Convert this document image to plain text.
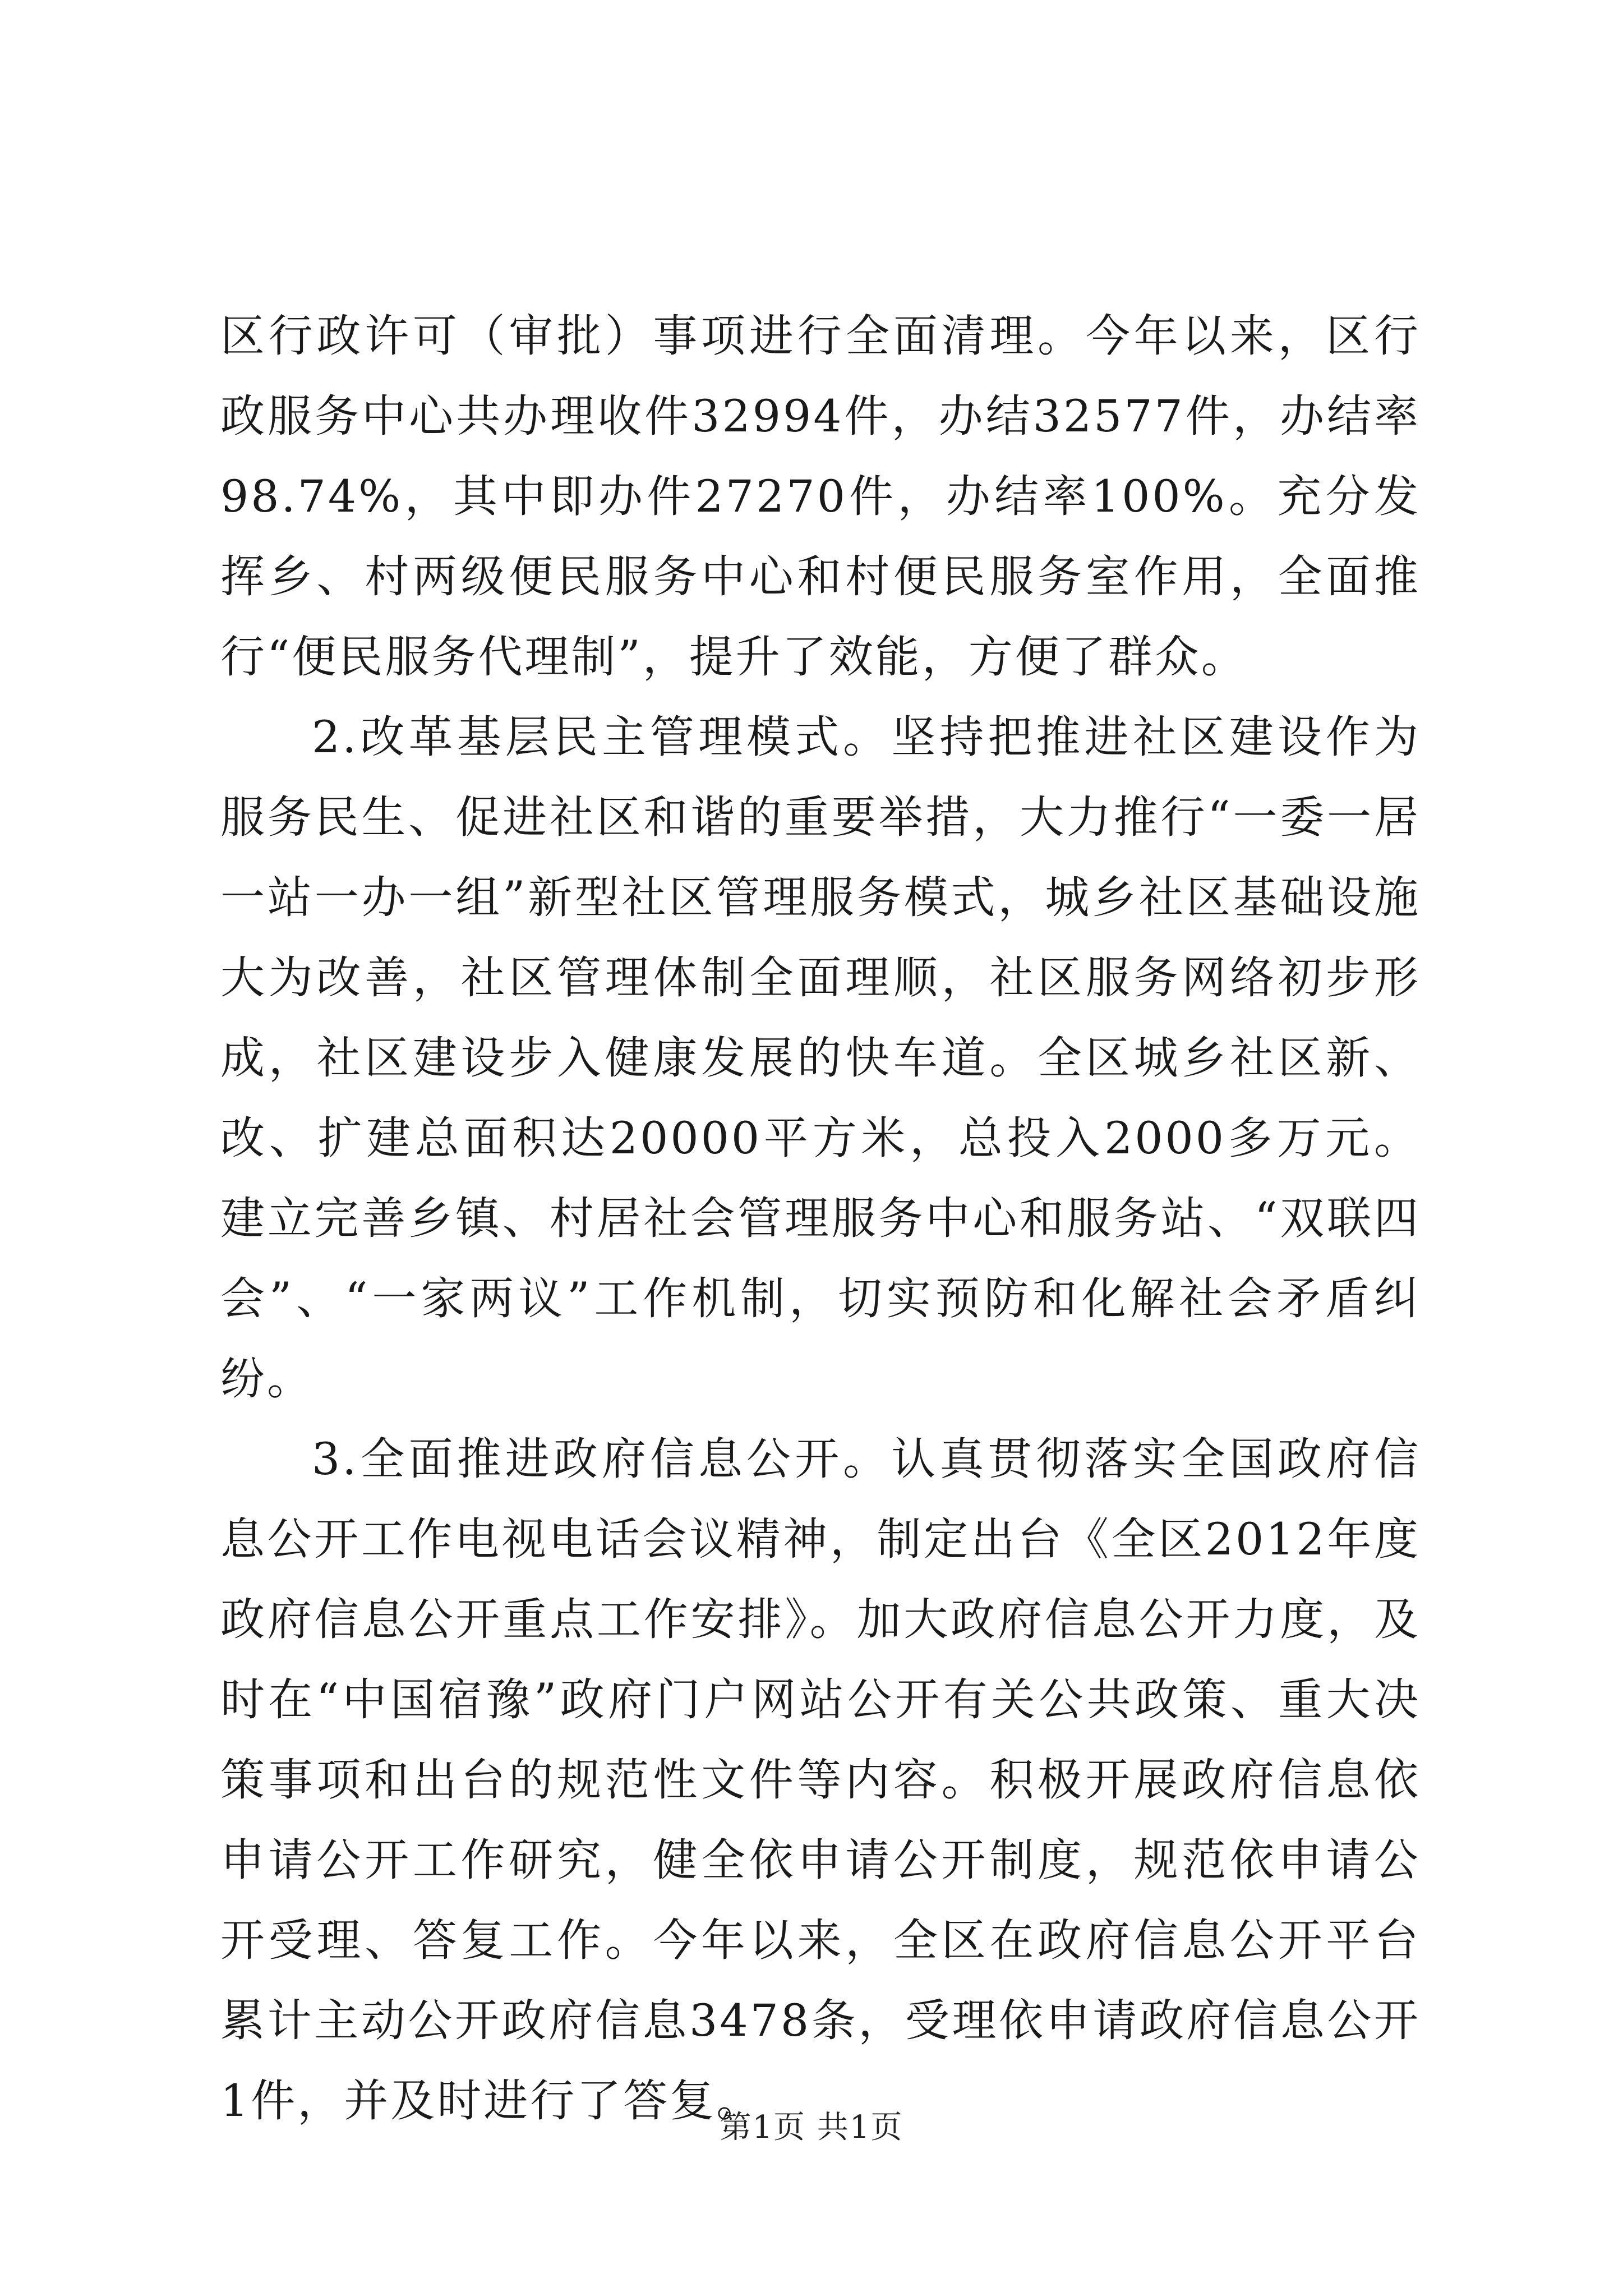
区行政许可（审批）事项进行全面清理。今年以来，区行政服务中心共办理收件32994件，办结32577件，办结率98.74%，其中即办件27270件，办结率100%。充分发挥乡、村两级便民服务中心和村便民服务室作用，全面推行“便民服务代理制”，提升了效能，方便了群众。

2.改革基层民主管理模式。坚持把推进社区建设作为服务民生、促进社区和谐的重要举措，大力推行“一委一居一站一办一组”新型社区管理服务模式，城乡社区基础设施大为改善，社区管理体制全面理顺，社区服务网络初步形成，社区建设步入健康发展的快车道。全区城乡社区新、改、扩建总面积达20000平方米，总投入2000多万元。建立完善乡镇、村居社会管理服务中心和服务站、“双联四会”、“一家两议”工作机制，切实预防和化解社会矛盾纠纷。

3.全面推进政府信息公开。认真贯彻落实全国政府信息公开工作电视电话会议精神，制定出台《全区2012年度政府信息公开重点工作安排》。加大政府信息公开力度，及时在“中国宿豫”政府门户网站公开有关公共政策、重大决策事项和出台的规范性文件等内容。积极开展政府信息依申请公开工作研究，健全依申请公开制度，规范依申请公开受理、答复工作。今年以来，全区在政府信息公开平台累计主动公开政府信息3478条，受理依申请政府信息公开1件，并及时进行了答复。

第1页 共1页
